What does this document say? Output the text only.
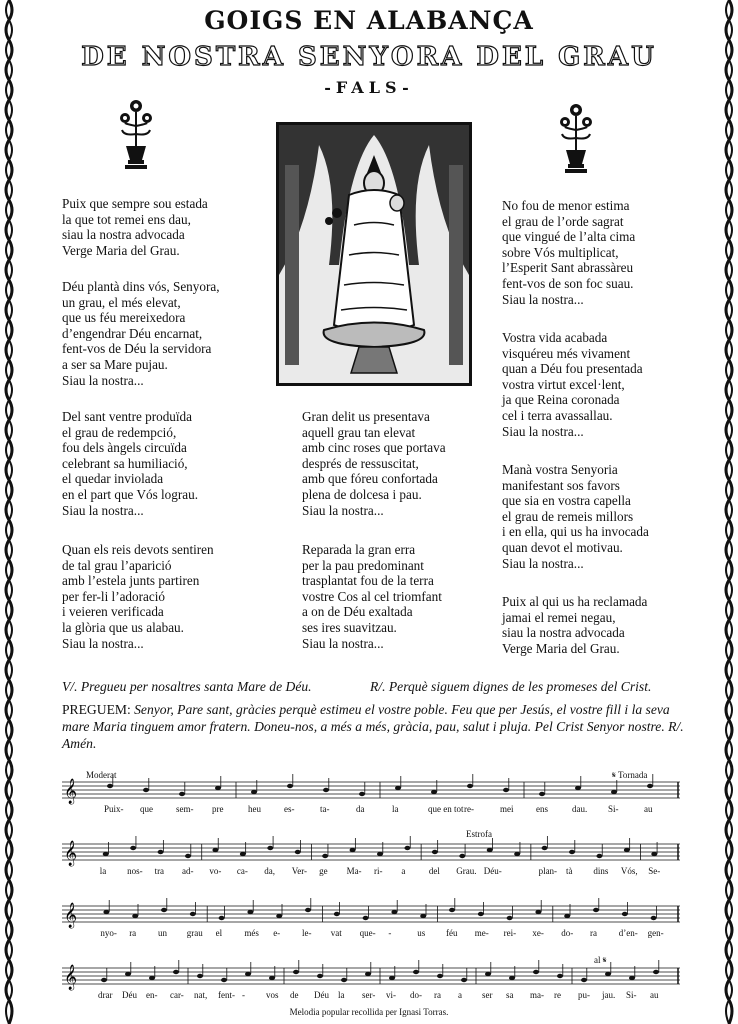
GOIGS EN ALABANÇA
DE NOSTRA SENYORA DEL GRAU
-FALS-
Puix que sempre sou estada
la que tot remei ens dau,
siau la nostra advocada
Verge Maria del Grau.
Déu plantà dins vós, Senyora,
un grau, el més elevat,
que us féu mereixedora
d’engendrar Déu encarnat,
fent-vos de Déu la servidora
a ser sa Mare pujau.
Siau la nostra...
Del sant ventre produïda
el grau de redempció,
fou dels àngels circuïda
celebrant sa humiliació,
el quedar inviolada
en el part que Vós lograu.
Siau la nostra...
Quan els reis devots sentiren
de tal grau l’aparició
amb l’estela junts partiren
per fer-li l’adoració
i veieren verificada
la glòria que us alabau.
Siau la nostra...
Gran delit us presentava
aquell grau tan elevat
amb cinc roses que portava
després de ressuscitat,
amb que fóreu confortada
plena de dolcesa i pau.
Siau la nostra...
Reparada la gran erra
per la pau predominant
trasplantat fou de la terra
vostre Cos al cel triomfant
a on de Déu exaltada
ses ires suavitzau.
Siau la nostra...
No fou de menor estima
el grau de l’orde sagrat
que vingué de l’alta cima
sobre Vós multiplicat,
l’Esperit Sant abrassàreu
fent-vos de son foc suau.
Siau la nostra...
Vostra vida acabada
visquéreu més vivament
quan a Déu fou presentada
vostra virtut excel·lent,
ja que Reina coronada
cel i terra avassallau.
Siau la nostra...
Manà vostra Senyoria
manifestant sos favors
que sia en vostra capella
el grau de remeis millors
i en ella, qui us ha invocada
quan devot el motivau.
Siau la nostra...
Puix al qui us ha reclamada
jamai el remei negau,
siau la nostra advocada
Verge Maria del Grau.
V/. Pregueu per nosaltres santa Mare de Déu.	R/. Perquè siguem dignes de les promeses del Crist.
PREGUEM: Senyor, Pare sant, gràcies perquè estimeu el vostre poble. Feu que per Jesús, el vostre fill i la seva mare Maria tinguem amor fratern. Doneu-nos, a més a més, gràcia, pau, salut i pluja. Pel Crist Senyor nostre. R/. Amén.
Moderat	𝄋 Tornada
Estrofa
al 𝄋
𝄞
𝄞
𝄞
𝄞
Puix- que	sem- pre	heu	es-	ta-	da	la	que en tot re-	mei	ens	dau. Si-	au
la nos- tra ad- vo- ca- da, Ver- ge Ma- ri- a	del Grau. Déu-	plan- tà dins Vós, Se-
nyo- ra un grau el més e- le- vat que- -	us féu me- rei- xe- do- ra d’en- gen-
drar Déu en- car- nat, fent- - vos de Déu la ser- vi- do- ra a ser sa ma- re pu- jau. Si- au
Melodia popular recollida per Ignasi Torras.
